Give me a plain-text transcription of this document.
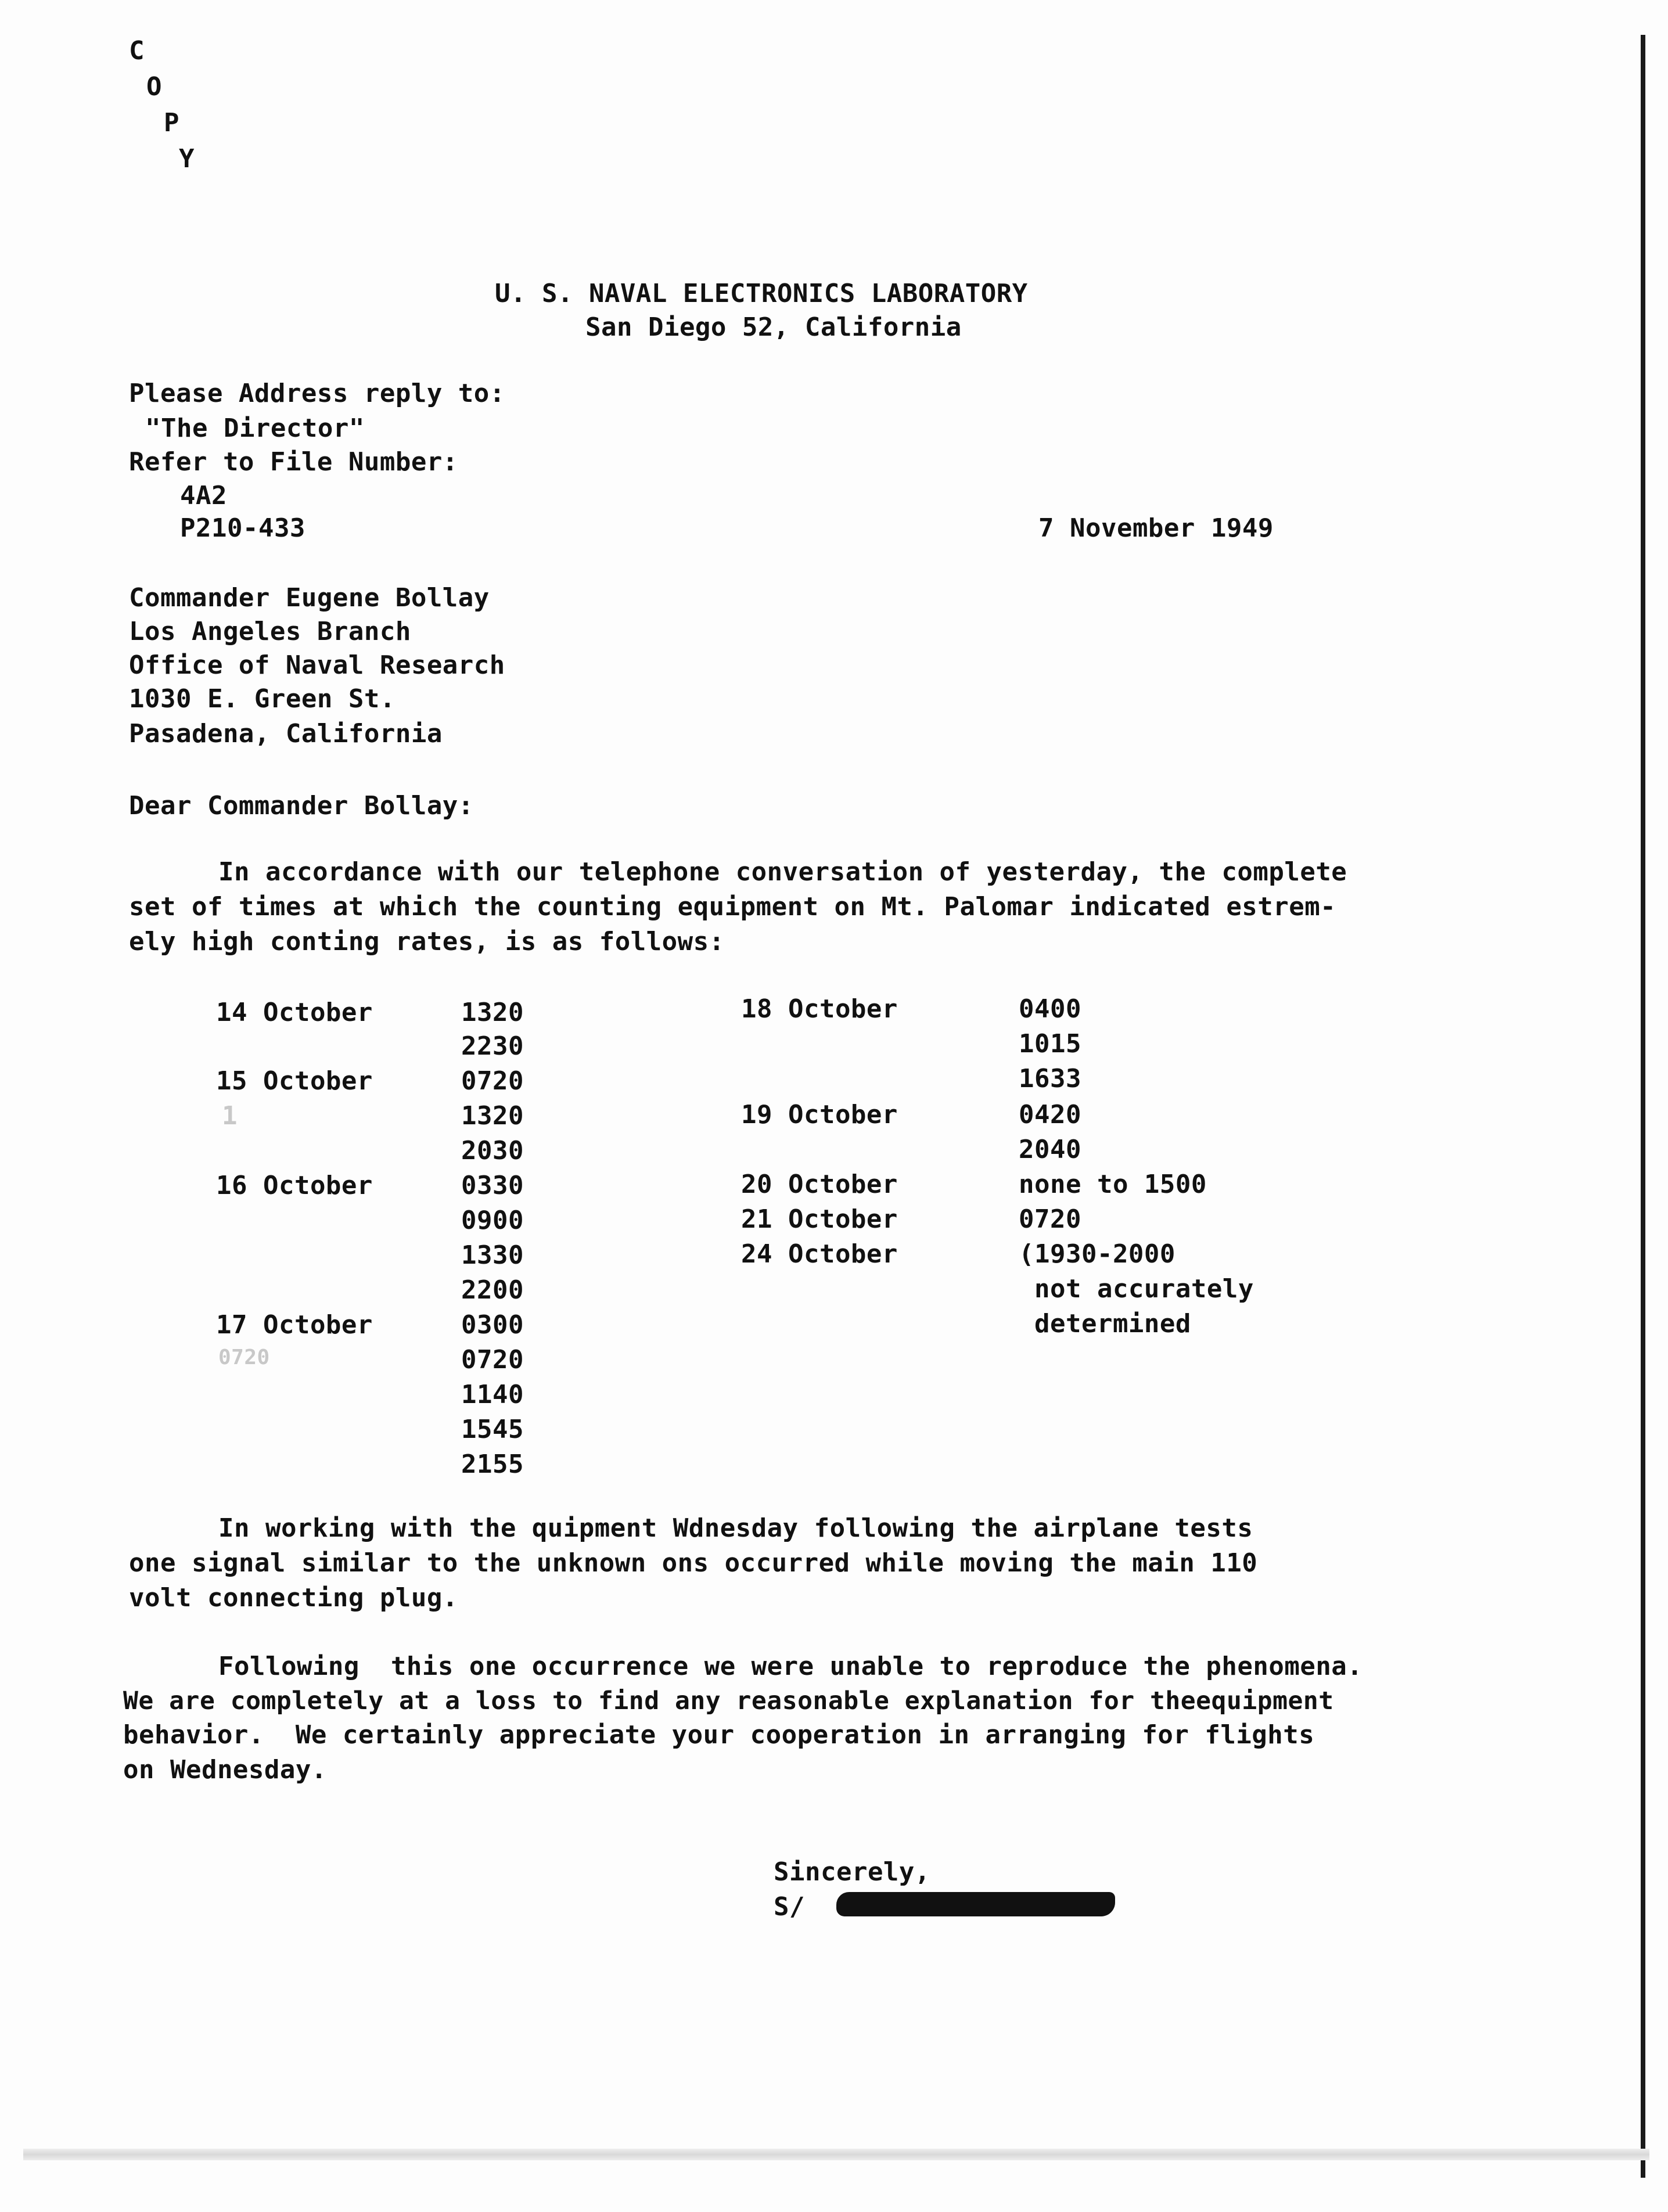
C
O
P
Y
U. S. NAVAL ELECTRONICS LABORATORY
San Diego 52, California
Please Address reply to:
"The Director"
Refer to File Number:
4A2
P210-433	7 November 1949
Commander Eugene Bollay
Los Angeles Branch
Office of Naval Research
1030 E. Green St.
Pasadena, California
Dear Commander Bollay:
In accordance with our telephone conversation of yesterday, the complete
set of times at which the counting equipment on Mt. Palomar indicated estrem-
ely high conting rates, is as follows:
14 October	1320
2230
15 October	0720
1	1320
2030
16 October	0330
0900
1330
2200
17 October	0300
0720	0720
1140
1545
2155
18 October	0400
1015
1633
19 October	0420
2040
20 October	none to 1500
21 October	0720
24 October	(1930-2000
not accurately
determined
In working with the quipment Wdnesday following the airplane tests
one signal similar to the unknown ons occurred while moving the main 110
volt connecting plug.
Following  this one occurrence we were unable to reproduce the phenomena.
We are completely at a loss to find any reasonable explanation for theequipment
behavior.  We certainly appreciate your cooperation in arranging for flights
on Wednesday.
Sincerely,
S/
